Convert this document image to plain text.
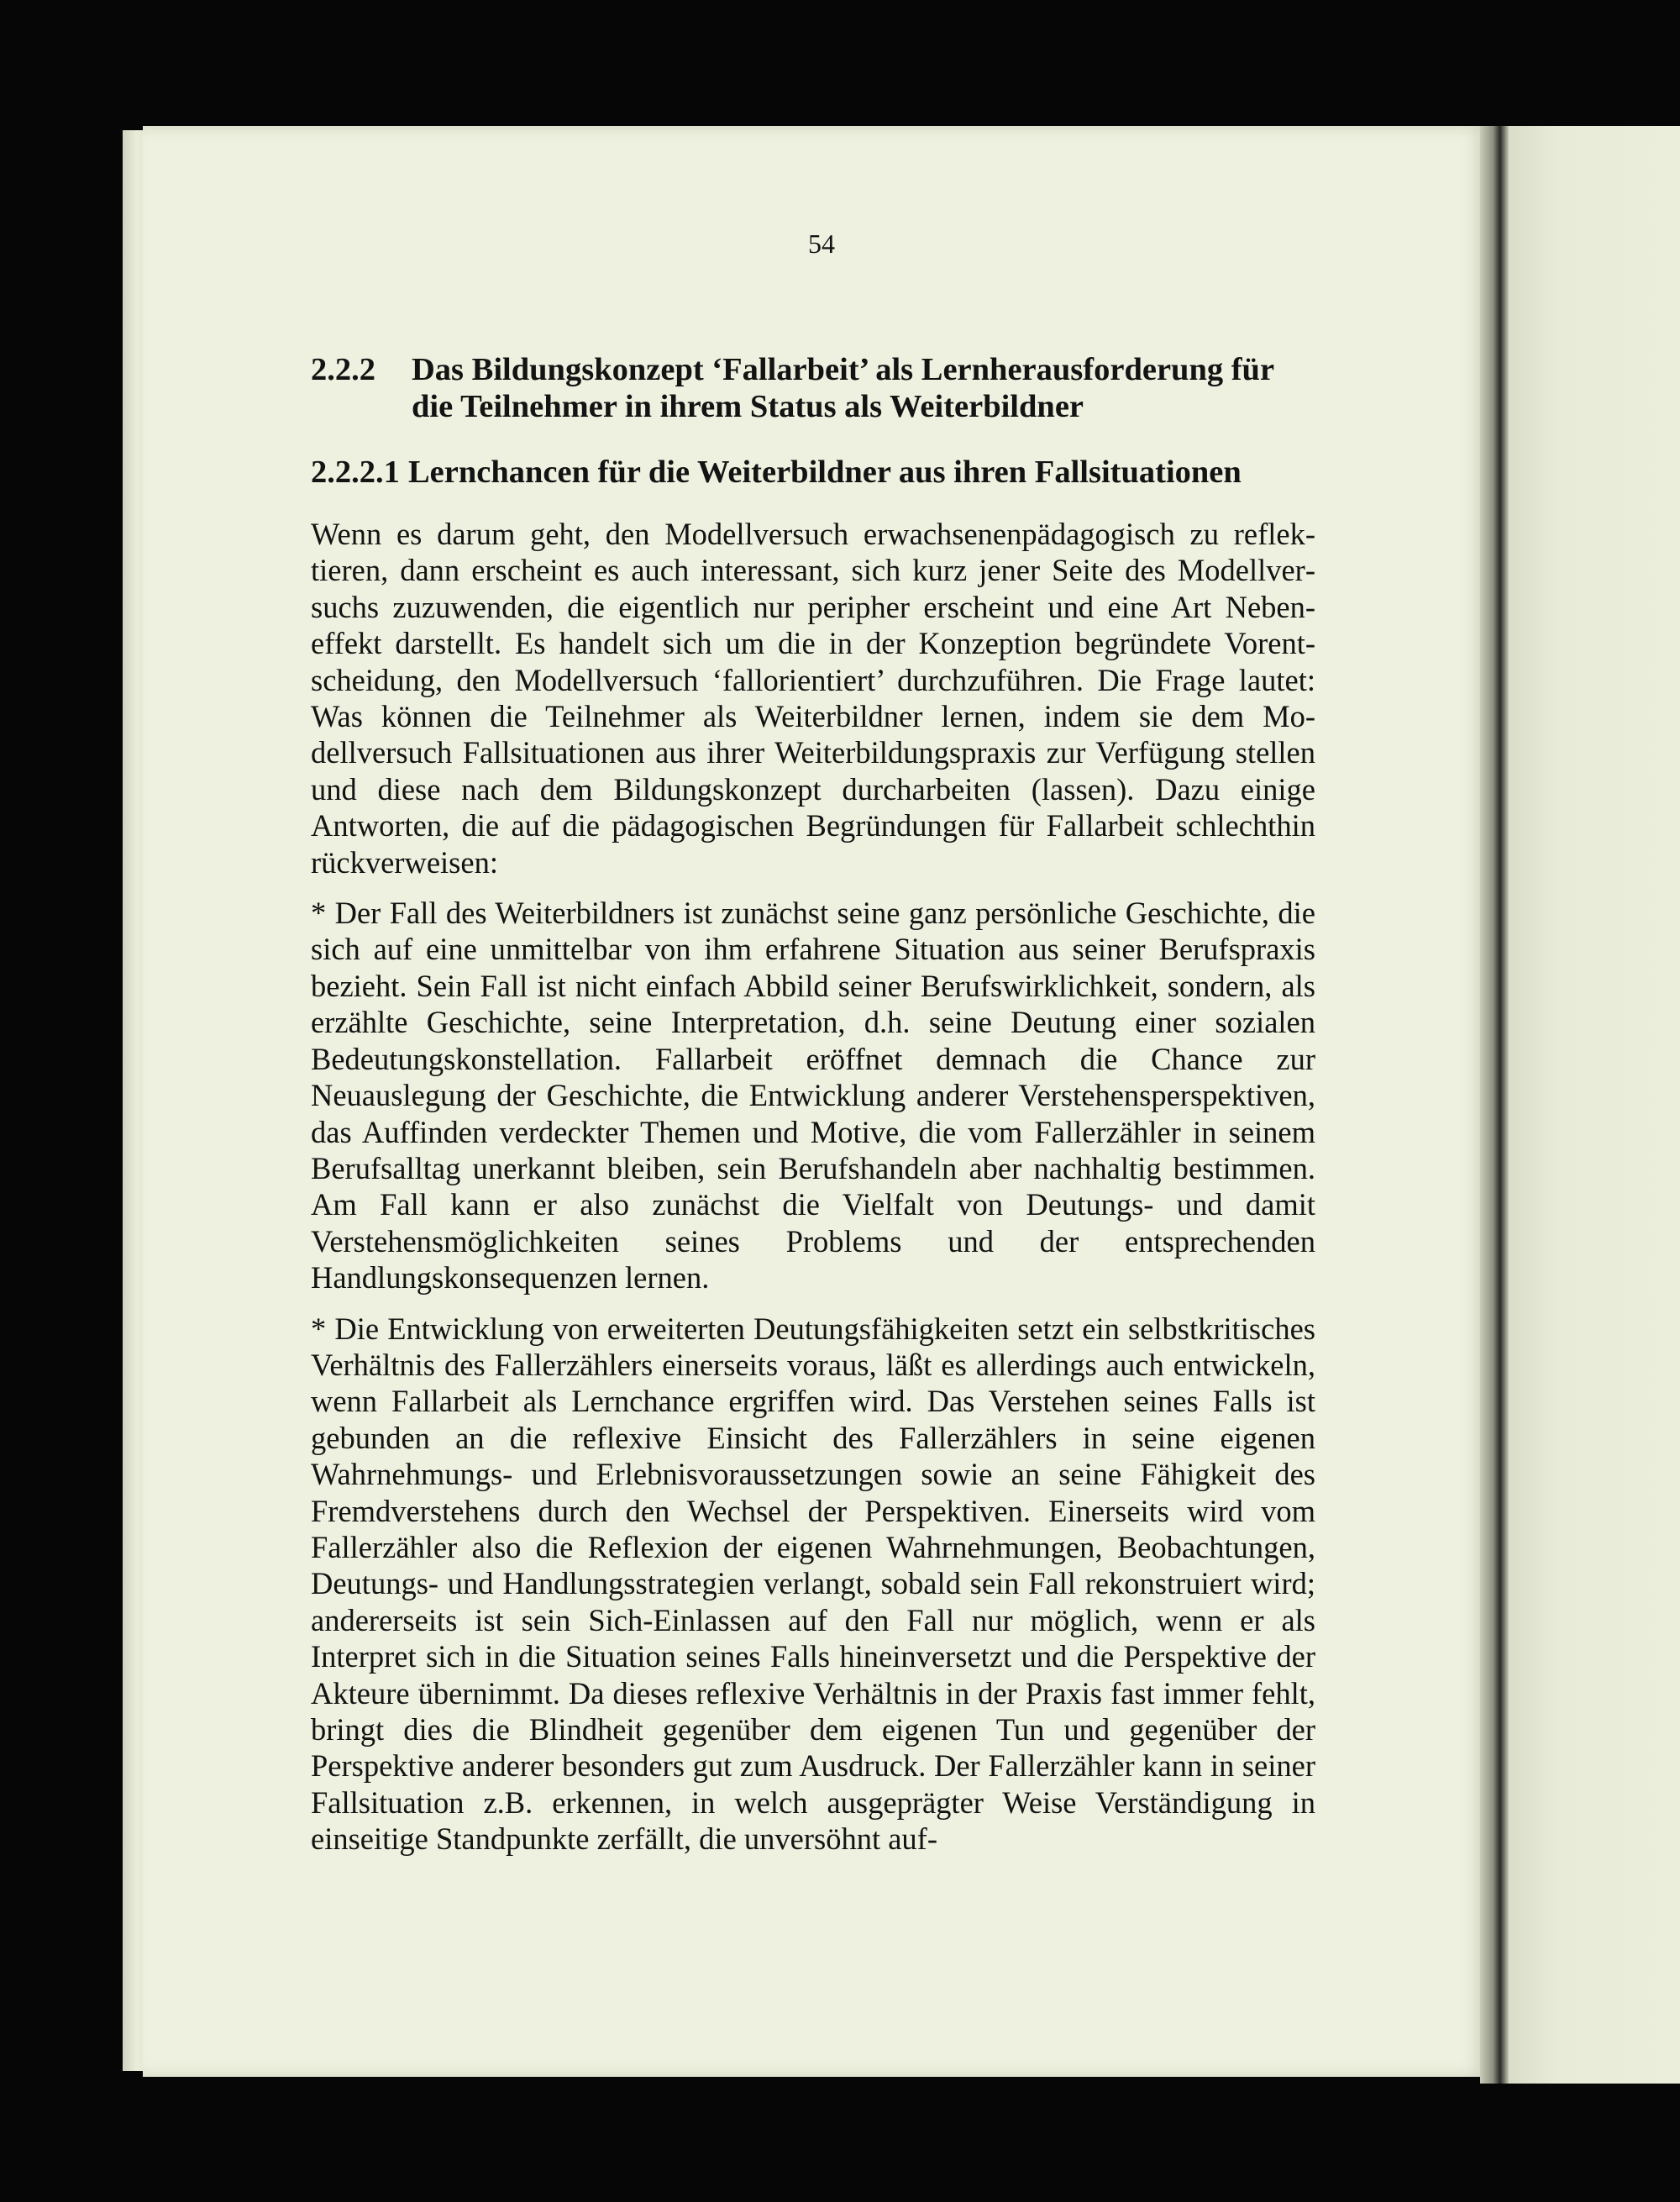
54
2.2.2	Das Bildungskonzept ‘Fallarbeit’ als Lernherausforderung für die Teilnehmer in ihrem Status als Weiterbildner
2.2.2.1 Lernchancen für die Weiterbildner aus ihren Fallsituationen

Wenn es darum geht, den Modellversuch erwachsenenpädagogisch zu reflektieren, dann erscheint es auch interessant, sich kurz jener Seite des Modellversuchs zuzuwenden, die eigentlich nur peripher erscheint und eine Art Nebeneffekt darstellt. Es handelt sich um die in der Konzeption begründete Vorentscheidung, den Modellversuch ‘fallorientiert’ durchzuführen. Die Frage lautet: Was können die Teilnehmer als Weiterbildner lernen, indem sie dem Modellversuch Fallsituationen aus ihrer Weiterbildungspraxis zur Verfügung stellen und diese nach dem Bildungskonzept durcharbeiten (lassen). Dazu einige Antworten, die auf die pädagogischen Begründungen für Fallarbeit schlechthin rückverweisen:

* Der Fall des Weiterbildners ist zunächst seine ganz persönliche Geschichte, die sich auf eine unmittelbar von ihm erfahrene Situation aus seiner Berufspraxis bezieht. Sein Fall ist nicht einfach Abbild seiner Berufswirklichkeit, sondern, als erzählte Geschichte, seine Interpretation, d.h. seine Deutung einer sozialen Bedeutungskonstellation. Fallarbeit eröffnet demnach die Chance zur Neuauslegung der Geschichte, die Entwicklung anderer Verstehensperspektiven, das Auffinden verdeckter Themen und Motive, die vom Fallerzähler in seinem Berufsalltag unerkannt bleiben, sein Berufshandeln aber nachhaltig bestimmen. Am Fall kann er also zunächst die Vielfalt von Deutungs- und damit Verstehensmöglichkeiten seines Problems und der entsprechenden Handlungskonsequenzen lernen.

* Die Entwicklung von erweiterten Deutungsfähigkeiten setzt ein selbstkritisches Verhältnis des Fallerzählers einerseits voraus, läßt es allerdings auch entwickeln, wenn Fallarbeit als Lernchance ergriffen wird. Das Verstehen seines Falls ist gebunden an die reflexive Einsicht des Fallerzählers in seine eigenen Wahrnehmungs- und Erlebnisvoraussetzungen sowie an seine Fähigkeit des Fremdverstehens durch den Wechsel der Perspektiven. Einerseits wird vom Fallerzähler also die Reflexion der eigenen Wahrnehmungen, Beobachtungen, Deutungs- und Handlungsstrategien verlangt, sobald sein Fall rekonstruiert wird; andererseits ist sein Sich-Einlassen auf den Fall nur möglich, wenn er als Interpret sich in die Situation seines Falls hineinversetzt und die Perspektive der Akteure übernimmt. Da dieses reflexive Verhältnis in der Praxis fast immer fehlt, bringt dies die Blindheit gegenüber dem eigenen Tun und gegenüber der Perspektive anderer besonders gut zum Ausdruck. Der Fallerzähler kann in seiner Fallsituation z.B. erkennen, in welch ausgeprägter Weise Verständigung in einseitige Standpunkte zerfällt, die unversöhnt auf-
